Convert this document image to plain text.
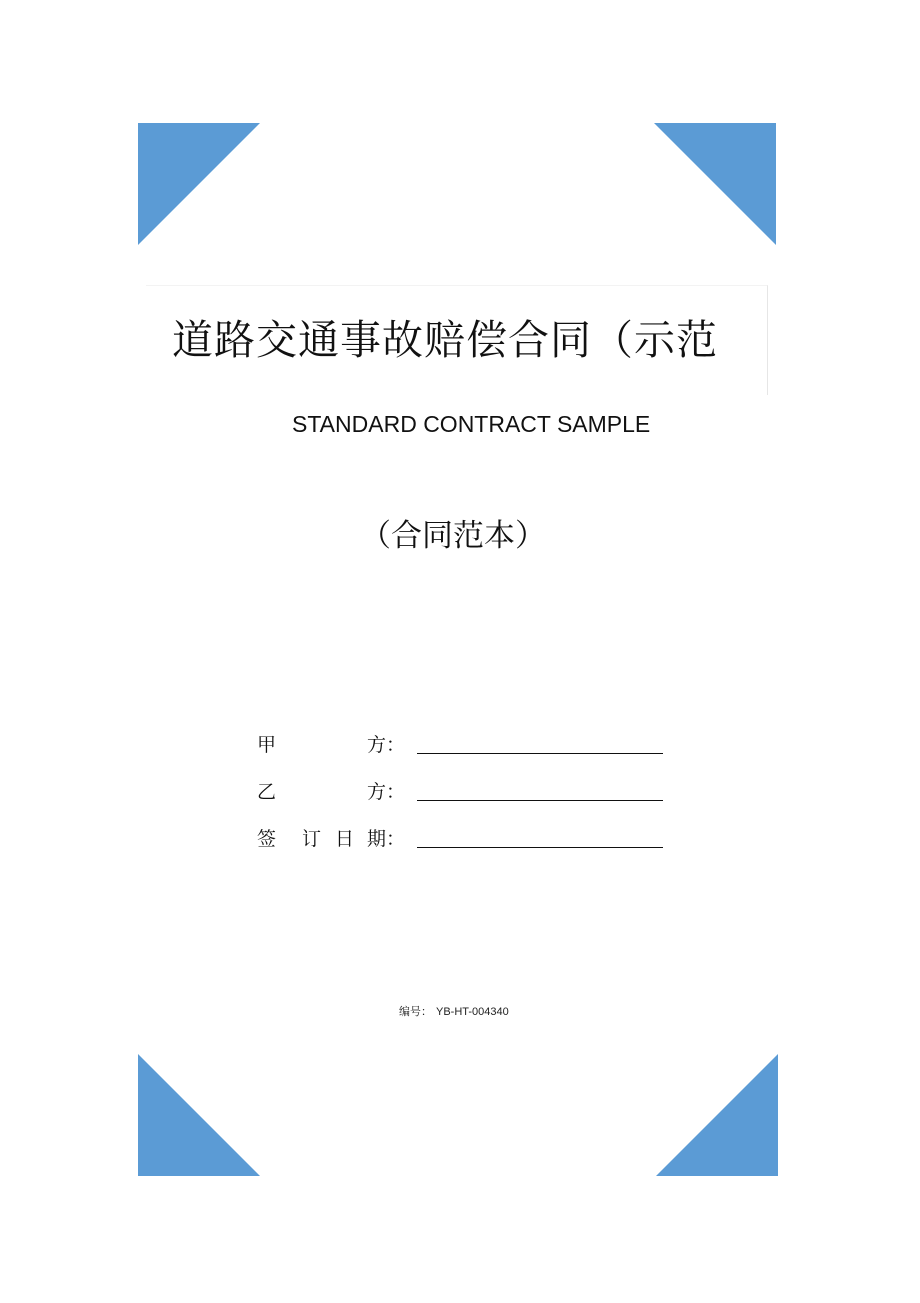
道路交通事故赔偿合同（示范
STANDARD CONTRACT SAMPLE
（合同范本）
甲	方：
乙	方：
签 订 日 期：
编号： YB-HT-004340
